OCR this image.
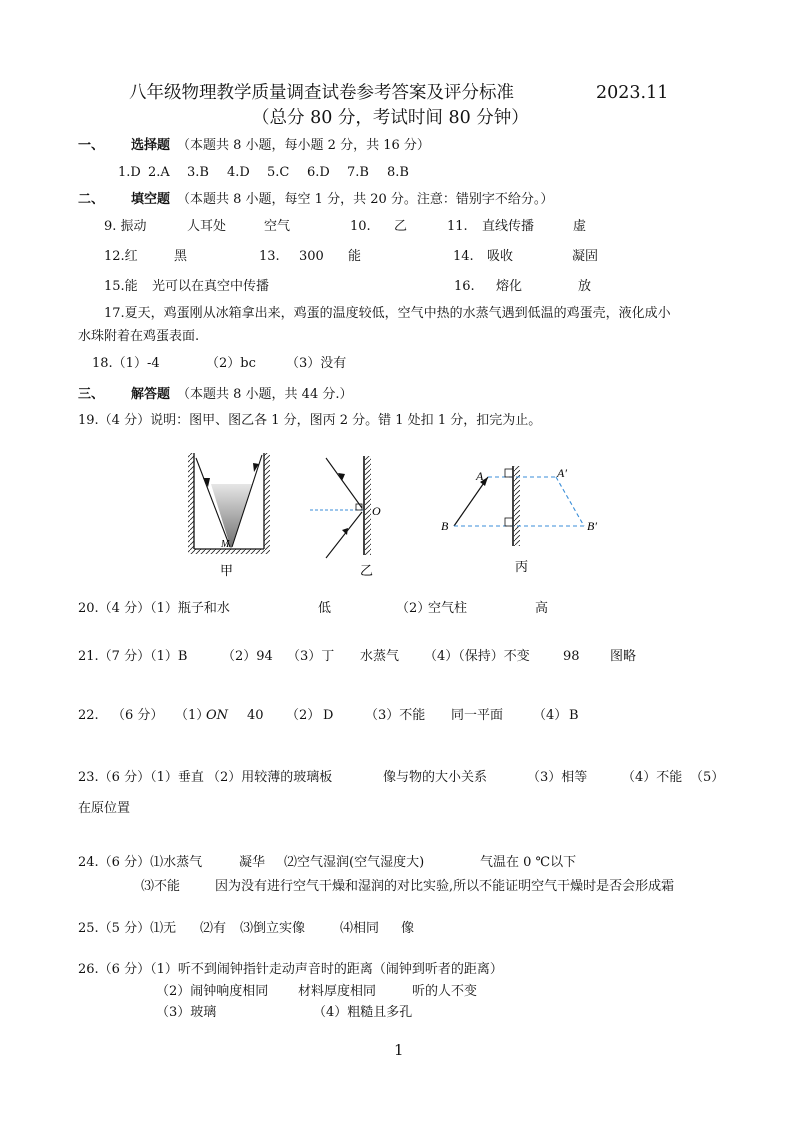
八年级物理教学质量调查试卷参考答案及评分标准	2023.11
（总分 80 分，考试时间 80 分钟）
一、 选择题 （本题共 8 小题，每小题 2 分，共 16 分）
1.D 2.A 3.B 4.D 5.C 6.D 7.B 8.B
二、 填空题 （本题共 8 小题，每空 1 分，共 20 分。注意：错别字不给分。）
9. 振动	人耳处	空气	10. 乙	11. 直线传播	虚
12.红	黑	13. 300 能	14. 吸收	凝固
15.能 光可以在真空中传播	16. 熔化	放
17.夏天，鸡蛋刚从冰箱拿出来，鸡蛋的温度较低，空气中热的水蒸气遇到低温的鸡蛋壳，液化成小
水珠附着在鸡蛋表面.
18.（1）-4	（2）bc （3）没有
三、 解答题 （本题共 8 小题，共 44 分.）
19.（4 分）说明：图甲、图乙各 1 分，图丙 2 分。错 1 处扣 1 分，扣完为止。
M
甲
O
乙
A	A′
B	B′
丙
20.（4 分）（1）瓶子和水	低	（2）
空气柱	高
21.（7 分）（1）B	（2）94 （3）丁 水蒸气 （4）（保持）不变	98 图略
22. （6 分） （1）
ON 40 （2） D （3）不能 同一平面 （4） B
23.（6 分）（1）垂直 （2）用较薄的玻璃板	像与物的大小关系	（3）相等	（4）不能 （5）
在原位置
24.（6 分）⑴水蒸气	凝华 ⑵空气湿润(空气湿度大)	气温在 0 ℃以下
⑶不能	因为没有进行空气干燥和湿润的对比实验,所以不能证明空气干燥时是否会形成霜
25.（5 分）⑴无 ⑵有 ⑶倒立实像	⑷相同 像
26.（6 分）（1）听不到闹钟指针走动声音时的距离（闹钟到听者的距离）
（2）闹钟响度相同 材料厚度相同	听的人不变
（3）玻璃	（4）粗糙且多孔
1
